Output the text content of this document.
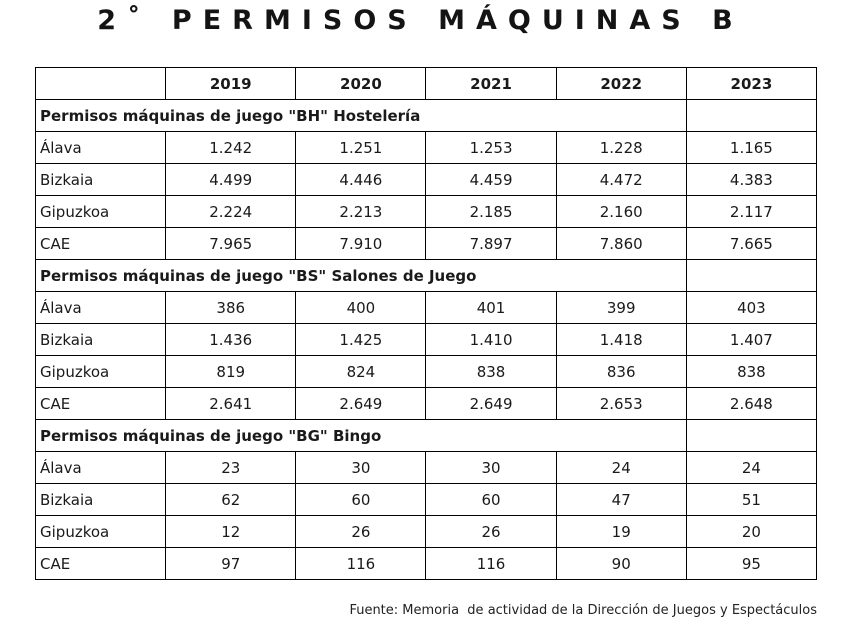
2˚ PERMISOS MÁQUINAS B
	2019	2020	2021	2022	2023
Permisos máquinas de juego "BH" Hostelería					
Álava	1.242	1.251	1.253	1.228	1.165
Bizkaia	4.499	4.446	4.459	4.472	4.383
Gipuzkoa	2.224	2.213	2.185	2.160	2.117
CAE	7.965	7.910	7.897	7.860	7.665
Permisos máquinas de juego "BS" Salones de Juego					
Álava	386	400	401	399	403
Bizkaia	1.436	1.425	1.410	1.418	1.407
Gipuzkoa	819	824	838	836	838
CAE	2.641	2.649	2.649	2.653	2.648
Permisos máquinas de juego "BG" Bingo					
Álava	23	30	30	24	24
Bizkaia	62	60	60	47	51
Gipuzkoa	12	26	26	19	20
CAE	97	116	116	90	95
Fuente: Memoria  de actividad de la Dirección de Juegos y Espectáculos
